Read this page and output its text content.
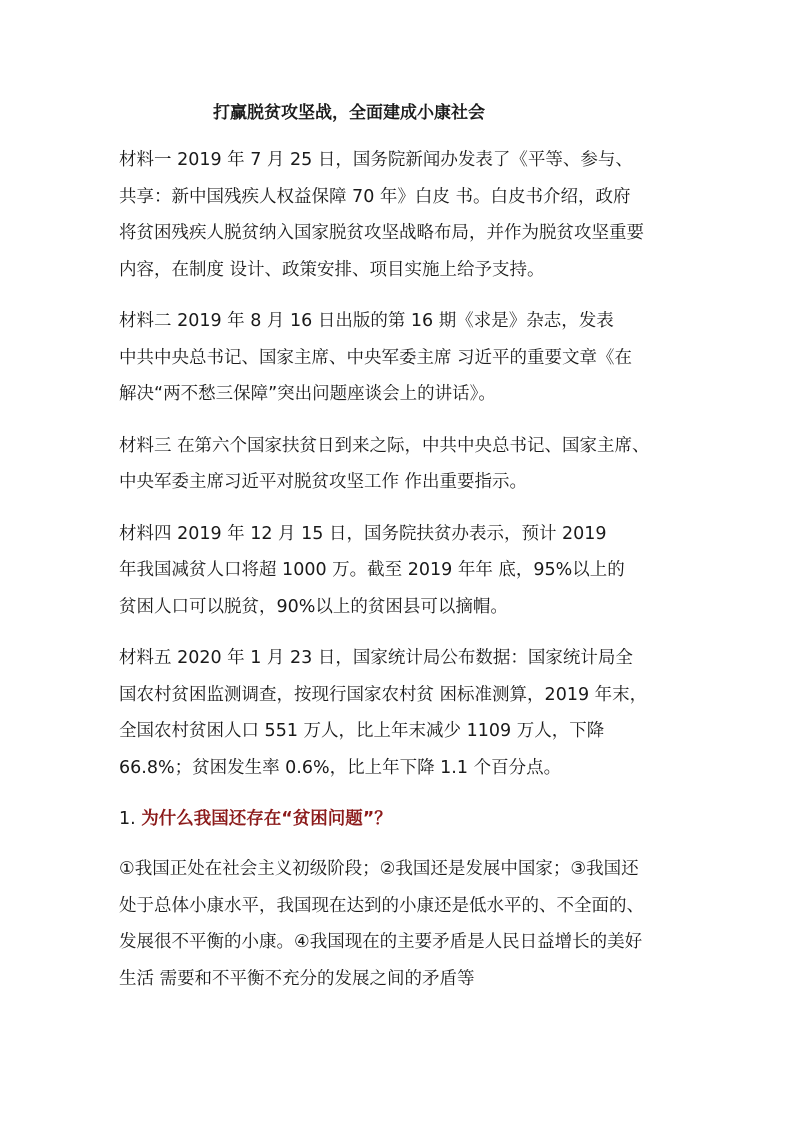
打赢脱贫攻坚战，全面建成小康社会
材料一 2019 年 7 月 25 日，国务院新闻办发表了《平等、参与、
共享：新中国残疾人权益保障 70 年》白皮 书。白皮书介绍，政府
将贫困残疾人脱贫纳入国家脱贫攻坚战略布局，并作为脱贫攻坚重要
内容，在制度 设计、政策安排、项目实施上给予支持。
材料二 2019 年 8 月 16 日出版的第 16 期《求是》杂志，发表
中共中央总书记、国家主席、中央军委主席 习近平的重要文章《在
解决“两不愁三保障”突出问题座谈会上的讲话》。
材料三 在第六个国家扶贫日到来之际，中共中央总书记、国家主席、
中央军委主席习近平对脱贫攻坚工作 作出重要指示。
材料四 2019 年 12 月 15 日，国务院扶贫办表示，预计 2019
年我国减贫人口将超 1000 万。截至 2019 年年 底，95%以上的
贫困人口可以脱贫，90%以上的贫困县可以摘帽。
材料五 2020 年 1 月 23 日，国家统计局公布数据：国家统计局全
国农村贫困监测调查，按现行国家农村贫 困标准测算，2019 年末，
全国农村贫困人口 551 万人，比上年末减少 1109 万人，下降
66.8%；贫困发生率 0.6%，比上年下降 1.1 个百分点。
1. 为什么我国还存在“贫困问题”？
①我国正处在社会主义初级阶段；②我国还是发展中国家；③我国还
处于总体小康水平，我国现在达到的小康还是低水平的、不全面的、
发展很不平衡的小康。④我国现在的主要矛盾是人民日益增长的美好
生活 需要和不平衡不充分的发展之间的矛盾等
